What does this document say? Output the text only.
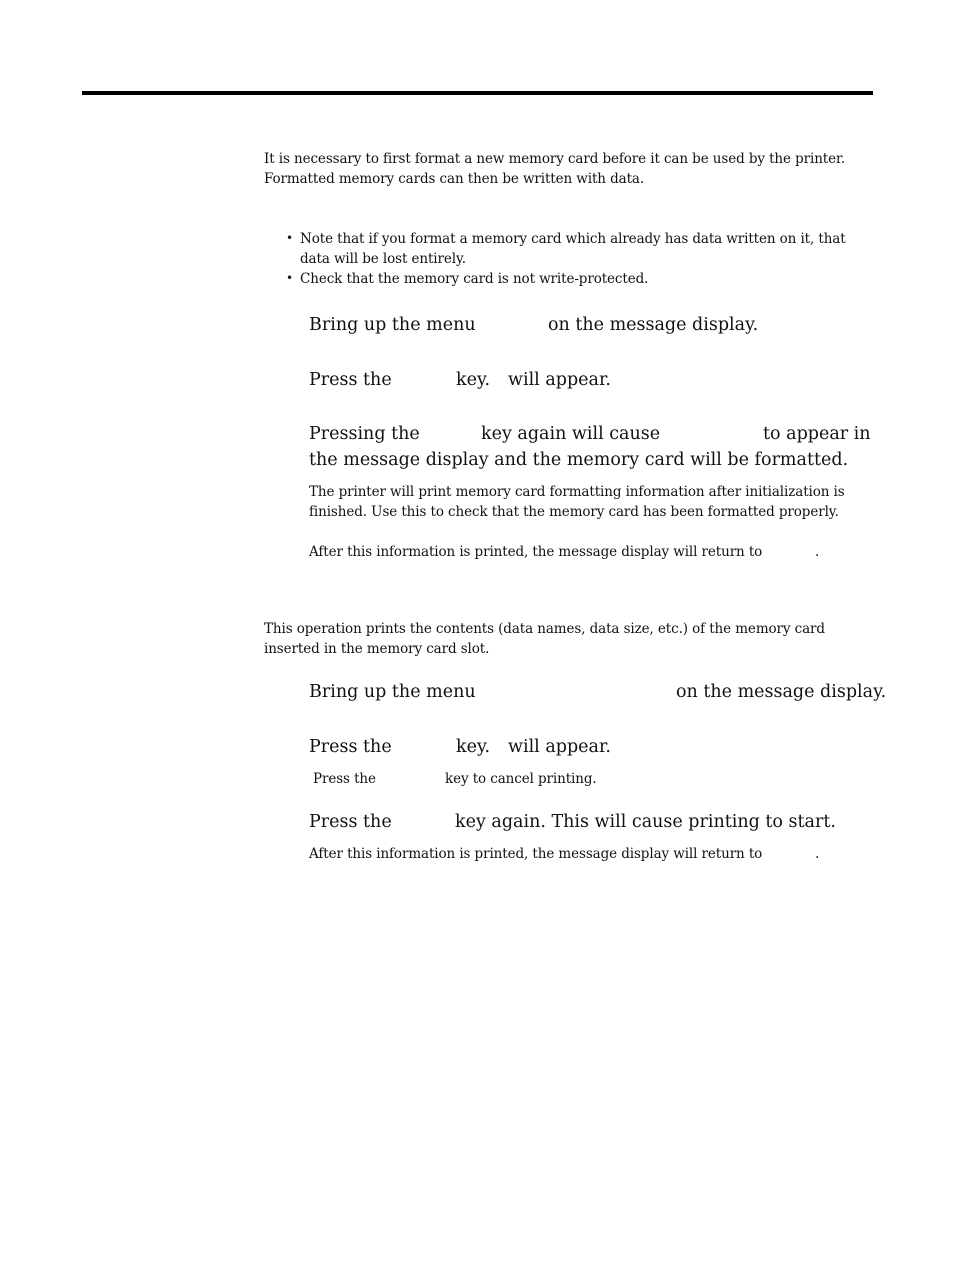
It is necessary to first format a new memory card before it can be used by the printer.
Formatted memory cards can then be written with data.
• Note that if you format a memory card which already has data written on it, that
data will be lost entirely.
• Check that the memory card is not write-protected.
Bring up the menu	on the message display.
Press the	key. will appear.
Pressing the	key again will cause	to appear in
the message display and the memory card will be formatted.
The printer will print memory card formatting information after initialization is
finished. Use this to check that the memory card has been formatted properly.
After this information is printed, the message display will return to	.
This operation prints the contents (data names, data size, etc.) of the memory card
inserted in the memory card slot.
Bring up the menu	on the message display.
Press the	key. will appear.
Press the	key to cancel printing.
Press the	key again. This will cause printing to start.
After this information is printed, the message display will return to	.
